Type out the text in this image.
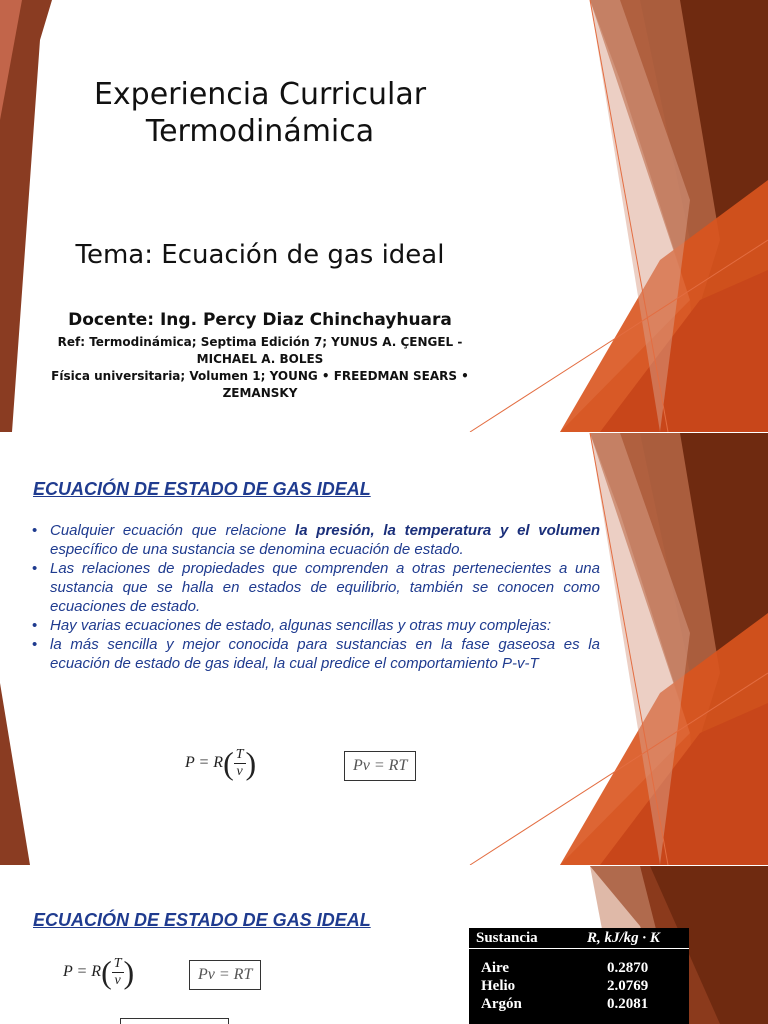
Experiencia Curricular
Termodinámica
Tema: Ecuación de gas ideal
Docente: Ing. Percy Diaz Chinchayhuara
Ref: Termodinámica; Septima Edición 7; YUNUS A. ÇENGEL -
MICHAEL A. BOLES
Física universitaria; Volumen 1; YOUNG • FREEDMAN SEARS •
ZEMANSKY
ECUACIÓN DE ESTADO DE GAS IDEAL
• Cualquier ecuación que relacione la presión, la temperatura y el volumen específico de una sustancia se denomina ecuación de estado.
• Las relaciones de propiedades que comprenden a otras pertenecientes a una sustancia que se halla en estados de equilibrio, también se conocen como ecuaciones de estado.
• Hay varias ecuaciones de estado, algunas sencillas y otras muy complejas:
• la más sencilla y mejor conocida para sustancias en la fase gaseosa es la ecuación de estado de gas ideal, la cual predice el comportamiento P-v-T
$P = R( \frac{T}{v}$ )	Pv = RT
ECUACIÓN DE ESTADO DE GAS IDEAL
$P = R( \frac{T}{v}$ )	Pv = RT
Sustancia	R, kJ/kg · K
Aire	0.2870
Helio	2.0769
Argón	0.2081
